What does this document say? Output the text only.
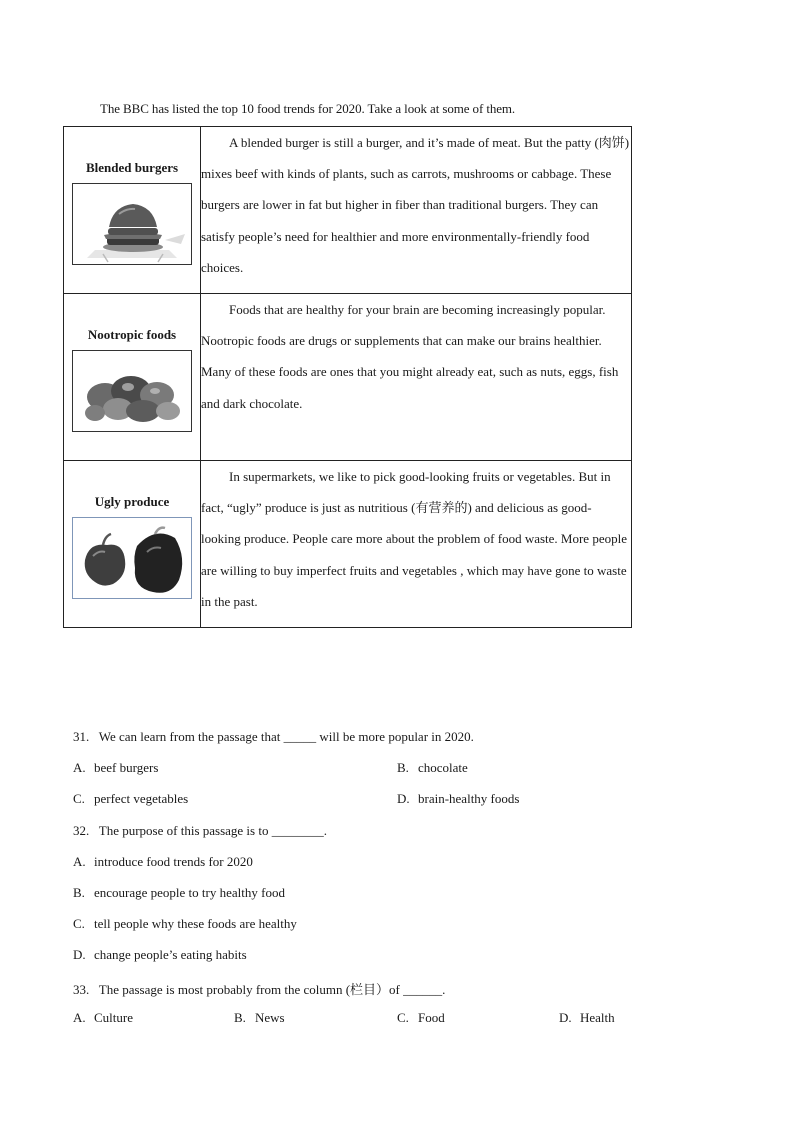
The BBC has listed the top 10 food trends for 2020. Take a look at some of them.
Blended burgers	A blended burger is still a burger, and it’s made of meat. But the patty (肉饼) mixes beef with kinds of plants, such as carrots, mushrooms or cabbage. These burgers are lower in fat but higher in fiber than traditional burgers. They can satisfy people’s need for healthier and more environmentally-friendly food choices.

Nootropic foods	Foods that are healthy for your brain are becoming increasingly popular. Nootropic foods are drugs or supplements that can make our brains healthier. Many of these foods are ones that you might already eat, such as nuts, eggs, fish and dark chocolate.

Ugly produce	In supermarkets, we like to pick good-looking fruits or vegetables. But in fact, “ugly” produce is just as nutritious (有营养的) and delicious as good-looking produce. People care more about the problem of food waste. More people are willing to buy imperfect fruits and vegetables , which may have gone to waste in the past.

31. We can learn from the passage that _____ will be more popular in 2020.
A. beef burgers	B. chocolate
C. perfect vegetables	D. brain-healthy foods
32. The purpose of this passage is to ________.
A. introduce food trends for 2020
B. encourage people to try healthy food
C. tell people why these foods are healthy
D. change people’s eating habits
33. The passage is most probably from the column (栏目）of ______.
A. Culture	B. News	C. Food	D. Health
